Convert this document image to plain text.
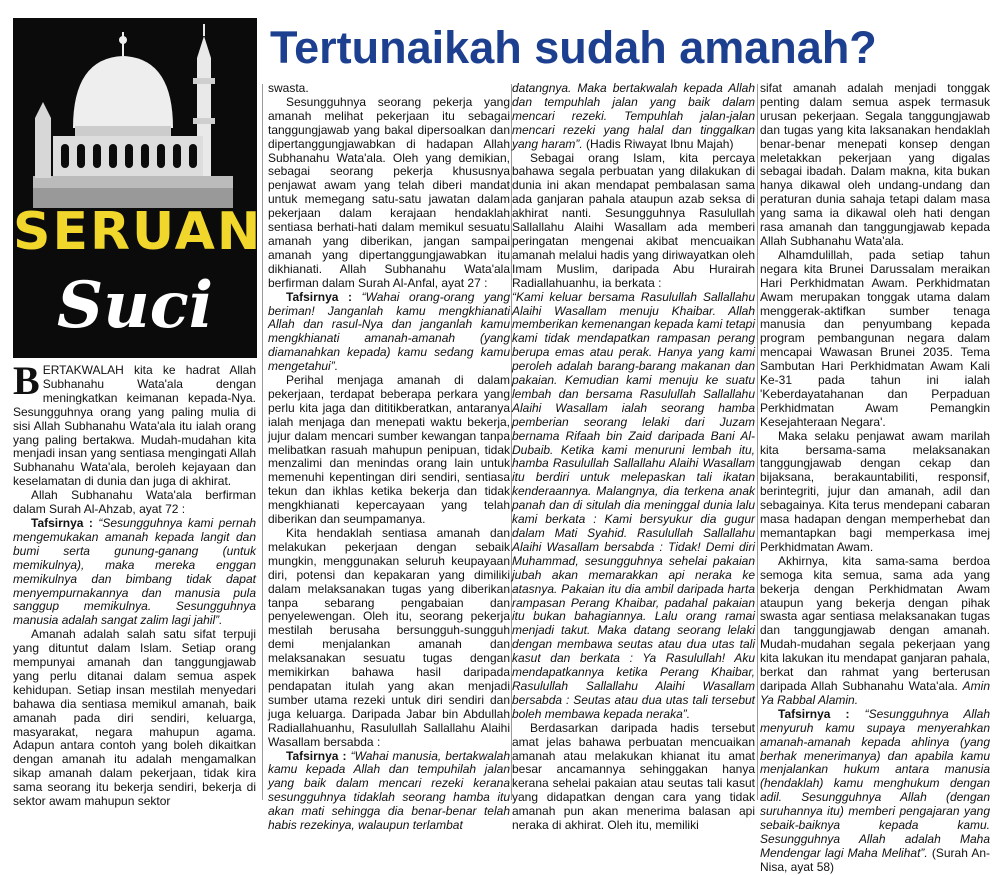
Tertunaikah sudah amanah?
SERUAN
Suci

BERTAKWALAH kita ke hadrat Allah Subhanahu Wata'ala dengan meningkatkan keimanan kepada-Nya. Sesungguhnya orang yang paling mulia di sisi Allah Subhanahu Wata'ala itu ialah orang yang paling bertakwa. Mudah-mudahan kita menjadi insan yang sentiasa mengingati Allah Subhanahu Wata'ala, beroleh kejayaan dan keselamatan di dunia dan juga di akhirat.

Allah Subhanahu Wata'ala berfirman dalam Surah Al-Ahzab, ayat 72 :

Tafsirnya : “Sesungguhnya kami pernah mengemukakan amanah kepada langit dan bumi serta gunung-ganang (untuk memikulnya), maka mereka enggan memikulnya dan bimbang tidak dapat menyempurnakannya dan manusia pula sanggup memikulnya. Sesungguhnya manusia adalah sangat zalim lagi jahil”.

Amanah adalah salah satu sifat terpuji yang dituntut dalam Islam. Setiap orang mempunyai amanah dan tanggungjawab yang perlu ditanai dalam semua aspek kehidupan. Setiap insan mestilah menyedari bahawa dia sentiasa memikul amanah, baik amanah pada diri sendiri, keluarga, masyarakat, negara mahupun agama. Adapun antara contoh yang boleh dikaitkan dengan amanah itu adalah mengamalkan sikap amanah dalam pekerjaan, tidak kira sama seorang itu bekerja sendiri, bekerja di sektor awam mahupun sektor

swasta.

Sesungguhnya seorang pekerja yang amanah melihat pekerjaan itu sebagai tanggungjawab yang bakal dipersoalkan dan dipertanggungjawabkan di hadapan Allah Subhanahu Wata'ala. Oleh yang demikian, sebagai seorang pekerja khususnya penjawat awam yang telah diberi mandat untuk memegang satu-satu jawatan dalam pekerjaan dalam kerajaan hendaklah sentiasa berhati-hati dalam memikul sesuatu amanah yang diberikan, jangan sampai amanah yang dipertanggungjawabkan itu dikhianati. Allah Subhanahu Wata'ala berfirman dalam Surah Al-Anfal, ayat 27 :

Tafsirnya : “Wahai orang-orang yang beriman! Janganlah kamu mengkhianati Allah dan rasul-Nya dan janganlah kamu mengkhianati amanah-amanah (yang diamanahkan kepada) kamu sedang kamu mengetahui”.

Perihal menjaga amanah di dalam pekerjaan, terdapat beberapa perkara yang perlu kita jaga dan dititikberatkan, antaranya ialah menjaga dan menepati waktu bekerja, jujur dalam mencari sumber kewangan tanpa melibatkan rasuah mahupun penipuan, tidak menzalimi dan menindas orang lain untuk memenuhi kepentingan diri sendiri, sentiasa tekun dan ikhlas ketika bekerja dan tidak mengkhianati kepercayaan yang telah diberikan dan seumpamanya.

Kita hendaklah sentiasa amanah dan melakukan pekerjaan dengan sebaik mungkin, menggunakan seluruh keupayaan diri, potensi dan kepakaran yang dimiliki dalam melaksanakan tugas yang diberikan tanpa sebarang pengabaian dan penyelewengan. Oleh itu, seorang pekerja mestilah berusaha bersungguh-sungguh demi menjalankan amanah dan melaksanakan sesuatu tugas dengan memikirkan bahawa hasil daripada pendapatan itulah yang akan menjadi sumber utama rezeki untuk diri sendiri dan juga keluarga. Daripada Jabar bin Abdullah Radiallahuanhu, Rasulullah Sallallahu Alaihi Wasallam bersabda :

Tafsirnya : “Wahai manusia, bertakwalah kamu kepada Allah dan tempuhilah jalan yang baik dalam mencari rezeki kerana sesungguhnya tidaklah seorang hamba itu akan mati sehingga dia benar-benar telah habis rezekinya, walaupun terlambat

datangnya. Maka bertakwalah kepada Allah dan tempuhlah jalan yang baik dalam mencari rezeki. Tempuhlah jalan-jalan mencari rezeki yang halal dan tinggalkan yang haram”. (Hadis Riwayat Ibnu Majah)

Sebagai orang Islam, kita percaya bahawa segala perbuatan yang dilakukan di dunia ini akan mendapat pembalasan sama ada ganjaran pahala ataupun azab seksa di akhirat nanti. Sesungguhnya Rasulullah Sallallahu Alaihi Wasallam ada memberi peringatan mengenai akibat mencuaikan amanah melalui hadis yang diriwayatkan oleh Imam Muslim, daripada Abu Hurairah Radiallahuanhu, ia berkata :

“Kami keluar bersama Rasulullah Sallallahu Alaihi Wasallam menuju Khaibar. Allah memberikan kemenangan kepada kami tetapi kami tidak mendapatkan rampasan perang berupa emas atau perak. Hanya yang kami peroleh adalah barang-barang makanan dan pakaian. Kemudian kami menuju ke suatu lembah dan bersama Rasulullah Sallallahu Alaihi Wasallam ialah seorang hamba pemberian seorang lelaki dari Juzam bernama Rifaah bin Zaid daripada Bani Al-Dubaib. Ketika kami menuruni lembah itu, hamba Rasulullah Sallallahu Alaihi Wasallam itu berdiri untuk melepaskan tali ikatan kenderaannya. Malangnya, dia terkena anak panah dan di situlah dia meninggal dunia lalu kami berkata : Kami bersyukur dia gugur dalam Mati Syahid. Rasulullah Sallallahu Alaihi Wasallam bersabda : Tidak! Demi diri Muhammad, sesungguhnya sehelai pakaian jubah akan memarakkan api neraka ke atasnya. Pakaian itu dia ambil daripada harta rampasan Perang Khaibar, padahal pakaian itu bukan bahagiannya. Lalu orang ramai menjadi takut. Maka datang seorang lelaki dengan membawa seutas atau dua utas tali kasut dan berkata : Ya Rasulullah! Aku mendapatkannya ketika Perang Khaibar, Rasulullah Sallallahu Alaihi Wasallam bersabda : Seutas atau dua utas tali tersebut boleh membawa kepada neraka”.

Berdasarkan daripada hadis tersebut amat jelas bahawa perbuatan mencuaikan amanah atau melakukan khianat itu amat besar ancamannya sehinggakan hanya kerana sehelai pakaian atau seutas tali kasut yang didapatkan dengan cara yang tidak amanah pun akan menerima balasan api neraka di akhirat. Oleh itu, memiliki

sifat amanah adalah menjadi tonggak penting dalam semua aspek termasuk urusan pekerjaan. Segala tanggungjawab dan tugas yang kita laksanakan hendaklah benar-benar menepati konsep dengan meletakkan pekerjaan yang digalas sebagai ibadah. Dalam makna, kita bukan hanya dikawal oleh undang-undang dan peraturan dunia sahaja tetapi dalam masa yang sama ia dikawal oleh hati dengan rasa amanah dan tanggungjawab kepada Allah Subhanahu Wata'ala.

Alhamdulillah, pada setiap tahun negara kita Brunei Darussalam meraikan Hari Perkhidmatan Awam. Perkhidmatan Awam merupakan tonggak utama dalam menggerak-aktifkan sumber tenaga manusia dan penyumbang kepada program pembangunan negara dalam mencapai Wawasan Brunei 2035. Tema Sambutan Hari Perkhidmatan Awam Kali Ke-31 pada tahun ini ialah 'Keberdayatahanan dan Perpaduan Perkhidmatan Awam Pemangkin Kesejahteraan Negara'.

Maka selaku penjawat awam marilah kita bersama-sama melaksanakan tanggungjawab dengan cekap dan bijaksana, berakauntabiliti, responsif, berintegriti, jujur dan amanah, adil dan sebagainya. Kita terus mendepani cabaran masa hadapan dengan memperhebat dan memantapkan bagi memperkasa imej Perkhidmatan Awam.

Akhirnya, kita sama-sama berdoa semoga kita semua, sama ada yang bekerja dengan Perkhidmatan Awam ataupun yang bekerja dengan pihak swasta agar sentiasa melaksanakan tugas dan tanggungjawab dengan amanah. Mudah-mudahan segala pekerjaan yang kita lakukan itu mendapat ganjaran pahala, berkat dan rahmat yang berterusan daripada Allah Subhanahu Wata'ala. Amin Ya Rabbal Alamin.

Tafsirnya : “Sesungguhnya Allah menyuruh kamu supaya menyerahkan amanah-amanah kepada ahlinya (yang berhak menerimanya) dan apabila kamu menjalankan hukum antara manusia (hendaklah) kamu menghukum dengan adil. Sesungguhnya Allah (dengan suruhannya itu) memberi pengajaran yang sebaik-baiknya kepada kamu. Sesungguhnya Allah adalah Maha Mendengar lagi Maha Melihat”. (Surah An-Nisa, ayat 58)
